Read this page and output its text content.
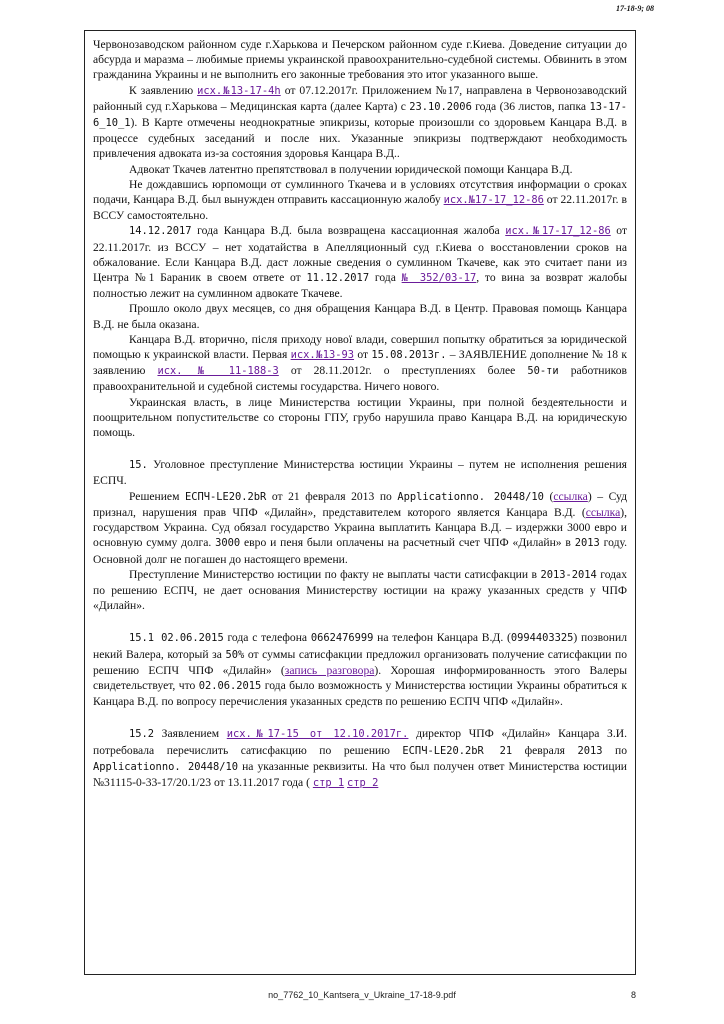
17-18-9; 08

Червонозаводском районном суде г.Харькова и Печерском районном суде г.Киева. Доведение ситуации до абсурда и маразма – любимые приемы украинской правоохранительно-судебной системы. Обвинить в этом гражданина Украины и не выполнить его законные требования это итог указанного выше.

К заявлению исх.№13-17-4h от 07.12.2017г. Приложением №17, направлена в Червонозаводский районный суд г.Харькова – Медицинская карта (далее Карта) с 23.10.2006 года (36 листов, папка 13-17-6_10_1). В Карте отмечены неоднократные эпикризы, которые произошли со здоровьем Канцара В.Д. в процессе судебных заседаний и после них. Указанные эпикризы подтверждают необходимость привлечения адвоката из-за состояния здоровья Канцара В.Д..

Адвокат Ткачев латентно препятствовал в получении юридической помощи Канцара В.Д.

Не дождавшись юрпомощи от сумлинного Ткачева и в условиях отсутствия информации о сроках подачи, Канцара В.Д. был вынужден отправить кассационную жалобу исх.№17-17_12-86 от 22.11.2017г. в ВССУ самостоятельно.

14.12.2017 года Канцара В.Д. была возвращена кассационная жалоба исх.№17-17_12-86 от 22.11.2017г. из ВССУ – нет ходатайства в Апелляционный суд г.Киева о восстановлении сроков на обжалование. Если Канцара В.Д. даст ложные сведения о сумлинном Ткачеве, как это считает пани из Центра №1 Бараник в своем ответе от 11.12.2017 года № 352/03-17, то вина за возврат жалобы полностью лежит на сумлинном адвокате Ткачеве.

Прошло около двух месяцев, со дня обращения Канцара В.Д. в Центр. Правовая помощь Канцара В.Д. не была оказана.

Канцара В.Д. вторично, після приходу нової влади, совершил попытку обратиться за юридической помощью к украинской власти. Первая исх.№13-93 от 15.08.2013г. – ЗАЯВЛЕНИЕ дополнение № 18 к заявлению исх. № 11-188-3 от 28.11.2012г. о преступлениях более 50-ти работников правоохранительной и судебной системы государства. Ничего нового.

Украинская власть, в лице Министерства юстиции Украины, при полной бездеятельности и поощрительном попустительстве со стороны ГПУ, грубо нарушила право Канцара В.Д. на юридическую помощь.

15. Уголовное преступление Министерства юстиции Украины – путем не исполнения решения ЕСПЧ.

Решением ЕСПЧ-LE20.2bR от 21 февраля 2013 по Applicationno. 20448/10 (ссылка) – Суд признал, нарушения прав ЧПФ «Дилайн», представителем которого является Канцара В.Д. (ссылка), государством Украина. Суд обязал государство Украина выплатить Канцара В.Д. – издержки 3000 евро и основную сумму долга. 3000 евро и пеня были оплачены на расчетный счет ЧПФ «Дилайн» в 2013 году. Основной долг не погашен до настоящего времени.

Преступление Министерство юстиции по факту не выплаты части сатисфакции в 2013-2014 годах по решению ЕСПЧ, не дает основания Министерству юстиции на кражу указанных средств у ЧПФ «Дилайн».

15.1 02.06.2015 года с телефона 0662476999 на телефон Канцара В.Д. (0994403325) позвонил некий Валера, который за 50% от суммы сатисфакции предложил организовать получение сатисфакции по решению ЕСПЧ ЧПФ «Дилайн» (запись разговора). Хорошая информированность этого Валеры свидетельствует, что 02.06.2015 года было возможность у Министерства юстиции Украины обратиться к Канцара В.Д. по вопросу перечисления указанных средств по решению ЕСПЧ ЧПФ «Дилайн».

15.2 Заявлением исх.№17-15 от 12.10.2017г. директор ЧПФ «Дилайн» Канцара З.И. потребовала перечислить сатисфакцию по решению ЕСПЧ-LE20.2bR 21 февраля 2013 по Applicationno. 20448/10 на указанные реквизиты. На что был получен ответ Министерства юстиции №31115-0-33-17/20.1/23 от 13.11.2017 года ( стр 1 стр 2

no_7762_10_Kantsera_v_Ukraine_17-18-9.pdf	8
